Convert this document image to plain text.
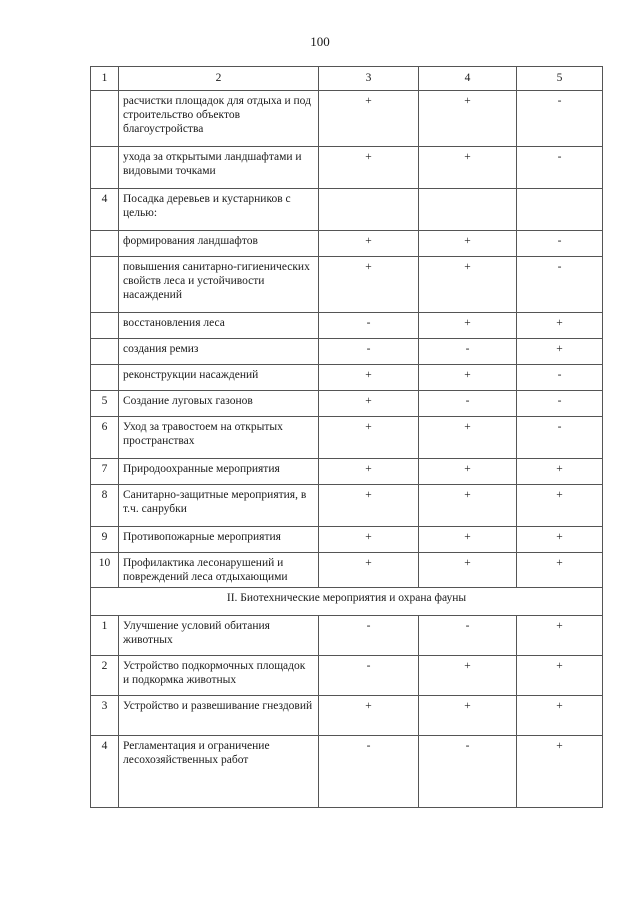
100
1	2	3	4	5
	расчистки площадок для отдыха и под строительство объектов благоустройства	+	+	-
	ухода за открытыми ландшафтами и видовыми точками	+	+	-
4	Посадка деревьев и кустарников с целью:			
	формирования ландшафтов	+	+	-
	повышения санитарно-гигиенических свойств леса и устойчивости насаждений	+	+	-
	восстановления леса	-	+	+
	создания ремиз	-	-	+
	реконструкции насаждений	+	+	-
5	Создание луговых газонов	+	-	-
6	Уход за травостоем на открытых пространствах	+	+	-
7	Природоохранные мероприятия	+	+	+
8	Санитарно-защитные мероприятия, в т.ч. санрубки	+	+	+
9	Противопожарные мероприятия	+	+	+
10	Профилактика лесонарушений и повреждений леса отдыхающими	+	+	+
II. Биотехнические мероприятия и охрана фауны				
1	Улучшение условий обитания животных	-	-	+
2	Устройство подкормочных площадок и подкормка животных	-	+	+
3	Устройство и развешивание гнездовий	+	+	+
4	Регламентация и ограничение лесохозяйственных работ	-	-	+
